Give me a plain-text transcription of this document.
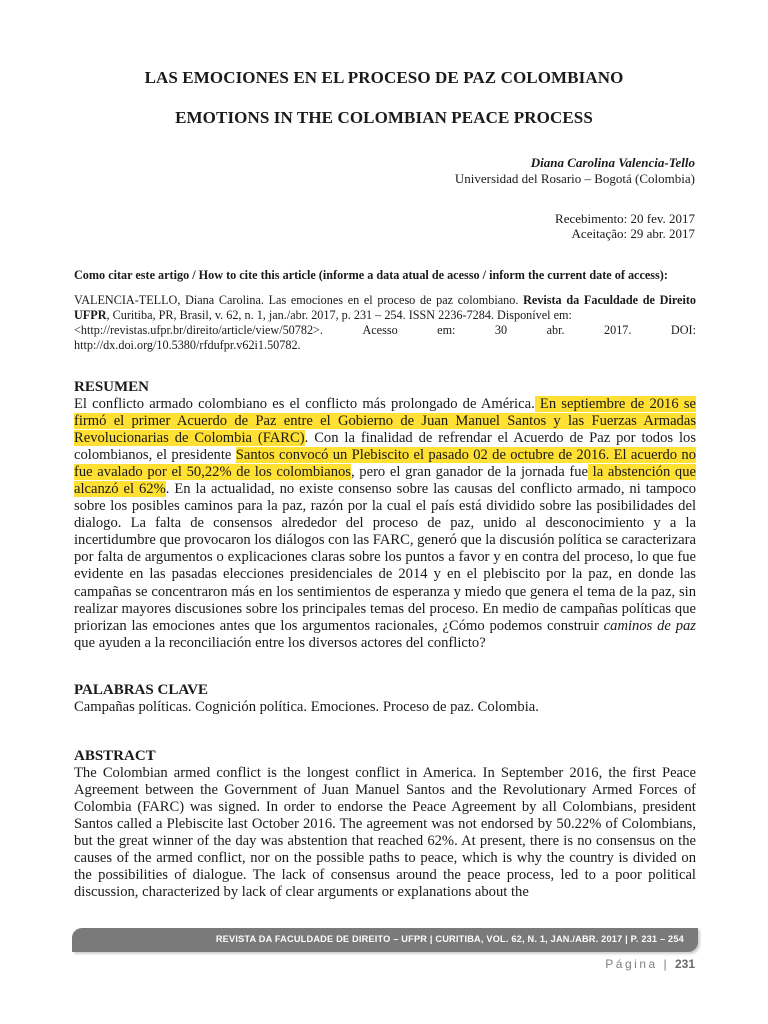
LAS EMOCIONES EN EL PROCESO DE PAZ COLOMBIANO
EMOTIONS IN THE COLOMBIAN PEACE PROCESS
Diana Carolina Valencia-Tello
Universidad del Rosario – Bogotá (Colombia)
Recebimento: 20 fev. 2017
Aceitação: 29 abr. 2017
Como citar este artigo / How to cite this article (informe a data atual de acesso / inform the current date of access):
VALENCIA-TELLO, Diana Carolina. Las emociones en el proceso de paz colombiano. Revista da Faculdade de Direito UFPR, Curitiba, PR, Brasil, v. 62, n. 1, jan./abr. 2017, p. 231 – 254. ISSN 2236-7284. Disponível em:
<http://revistas.ufpr.br/direito/article/view/50782>.	Acesso	em:	30	abr.	2017.	DOI:
http://dx.doi.org/10.5380/rfdufpr.v62i1.50782.
RESUMEN
El conflicto armado colombiano es el conflicto más prolongado de América. En septiembre de 2016 se firmó el primer Acuerdo de Paz entre el Gobierno de Juan Manuel Santos y las Fuerzas Armadas Revolucionarias de Colombia (FARC). Con la finalidad de refrendar el Acuerdo de Paz por todos los colombianos, el presidente Santos convocó un Plebiscito el pasado 02 de octubre de 2016. El acuerdo no fue avalado por el 50,22% de los colombianos, pero el gran ganador de la jornada fue la abstención que alcanzó el 62%. En la actualidad, no existe consenso sobre las causas del conflicto armado, ni tampoco sobre los posibles caminos para la paz, razón por la cual el país está dividido sobre las posibilidades del dialogo. La falta de consensos alrededor del proceso de paz, unido al desconocimiento y a la incertidumbre que provocaron los diálogos con las FARC, generó que la discusión política se caracterizara por falta de argumentos o explicaciones claras sobre los puntos a favor y en contra del proceso, lo que fue evidente en las pasadas elecciones presidenciales de 2014 y en el plebiscito por la paz, en donde las campañas se concentraron más en los sentimientos de esperanza y miedo que genera el tema de la paz, sin realizar mayores discusiones sobre los principales temas del proceso. En medio de campañas políticas que priorizan las emociones antes que los argumentos racionales, ¿Cómo podemos construir caminos de paz que ayuden a la reconciliación entre los diversos actores del conflicto?
PALABRAS CLAVE
Campañas políticas. Cognición política. Emociones. Proceso de paz. Colombia.
ABSTRACT
The Colombian armed conflict is the longest conflict in America. In September 2016, the first Peace Agreement between the Government of Juan Manuel Santos and the Revolutionary Armed Forces of Colombia (FARC) was signed. In order to endorse the Peace Agreement by all Colombians, president Santos called a Plebiscite last October 2016. The agreement was not endorsed by 50.22% of Colombians, but the great winner of the day was abstention that reached 62%. At present, there is no consensus on the causes of the armed conflict, nor on the possible paths to peace, which is why the country is divided on the possibilities of dialogue. The lack of consensus around the peace process, led to a poor political discussion, characterized by lack of clear arguments or explanations about the
REVISTA DA FACULDADE DE DIREITO – UFPR | CURITIBA, VOL. 62, N. 1, JAN./ABR. 2017 | P. 231 – 254
Página | 231
